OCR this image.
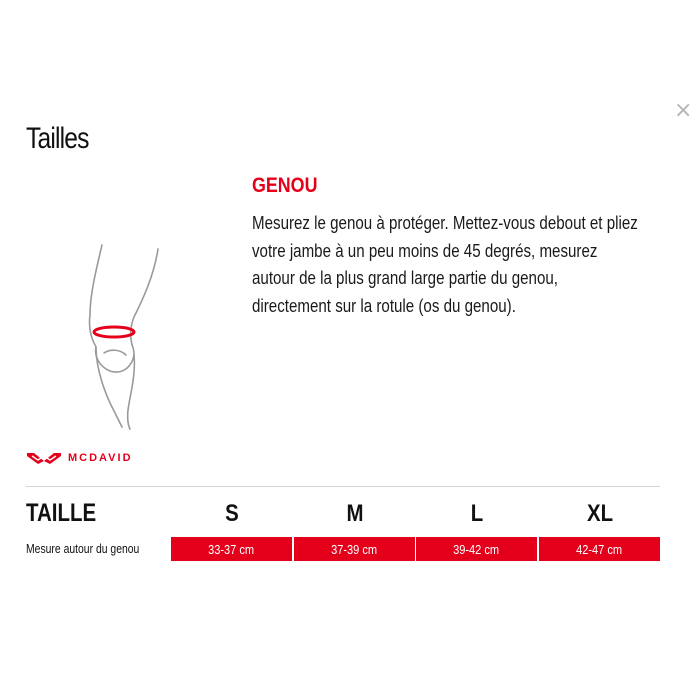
×
Tailles
MCDAVID
GENOU

Mesurez le genou à protéger. Mettez-vous debout et pliez votre jambe à un peu moins de 45 degrés, mesurez autour de la plus grand large partie du genou, directement sur la rotule (os du genou).

TAILLE	S	M	L	XL
Mesure autour du genou	33-37 cm	37-39 cm	39-42 cm	42-47 cm
